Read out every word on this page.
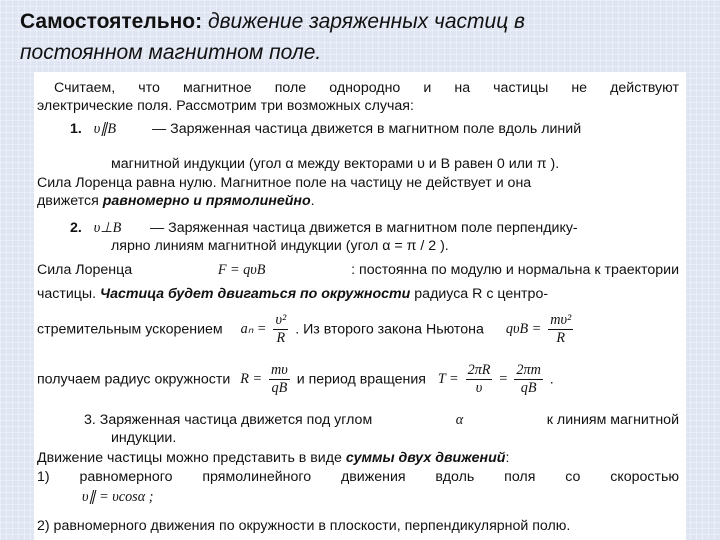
Самостоятельно: движение заряженных частиц в
постоянном магнитном поле.
Считаем, что магнитное поле однородно и на частицы не действуют
электрические поля. Рассмотрим три возможных случая:
1. υ∥B	— Заряженная частица движется в магнитном поле вдоль линий
магнитной индукции (угол α между векторами υ и B равен 0 или π ).
Сила Лоренца равна нулю. Магнитное поле на частицу не действует и она
движется равномерно и прямолинейно.
2. υ⊥B — Заряженная частица движется в магнитном поле перпендику-
лярно линиям магнитной индукции (угол α = π / 2 ).
Сила Лоренца	F = qυB	: постоянна по модулю и нормальна к траектории
частицы. Частица будет двигаться по окружности радиуса R с центро-
стремительным ускорением $a_n = \frac{\text{υ²}}{R}$ . Из второго закона Ньютона $q\upsilon B = \frac{\text{mυ²}}{R}$
получаем радиус окружности $R = \frac{m\upsilon}{qB}$ и период вращения $T = \frac{2\pi R}{\upsilon} = \frac{2\pi m}{qB}$ .
3. Заряженная частица движется под углом	α	к линиям магнитной
индукции.
Движение частицы можно представить в виде суммы двух движений:
1) равномерного прямолинейного движения вдоль поля со скоростью
υ∥ = υcosα ;
2) равномерного движения по окружности в плоскости, перпендикулярной полю.
